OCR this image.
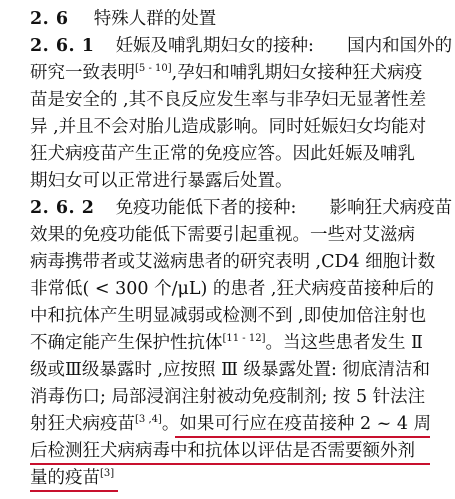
2. 6 特殊人群的处置
2. 6. 1 妊娠及哺乳期妇女的接种: 国内和国外的
研究一致表明[5 - 10],孕妇和哺乳期妇女接种狂犬病疫
苗是安全的 ,其不良反应发生率与非孕妇无显著性差
异 ,并且不会对胎儿造成影响。同时妊娠妇女均能对
狂犬病疫苗产生正常的免疫应答。因此妊娠及哺乳
期妇女可以正常进行暴露后处置。
2. 6. 2 免疫功能低下者的接种: 影响狂犬病疫苗
效果的免疫功能低下需要引起重视。一些对艾滋病
病毒携带者或艾滋病患者的研究表明 ,CD4 细胞计数
非常低( < 300 个/μL) 的患者 ,狂犬病疫苗接种后的
中和抗体产生明显减弱或检测不到 ,即使加倍注射也
不确定能产生保护性抗体[11 - 12]。当这些患者发生 Ⅱ
级或Ⅲ级暴露时 ,应按照 Ⅲ 级暴露处置: 彻底清洁和
消毒伤口; 局部浸润注射被动免疫制剂; 按 5 针法注
射狂犬病疫苗[3 ,4]。如果可行应在疫苗接种 2 ~ 4 周
后检测狂犬病病毒中和抗体以评估是否需要额外剂
量的疫苗[3]
